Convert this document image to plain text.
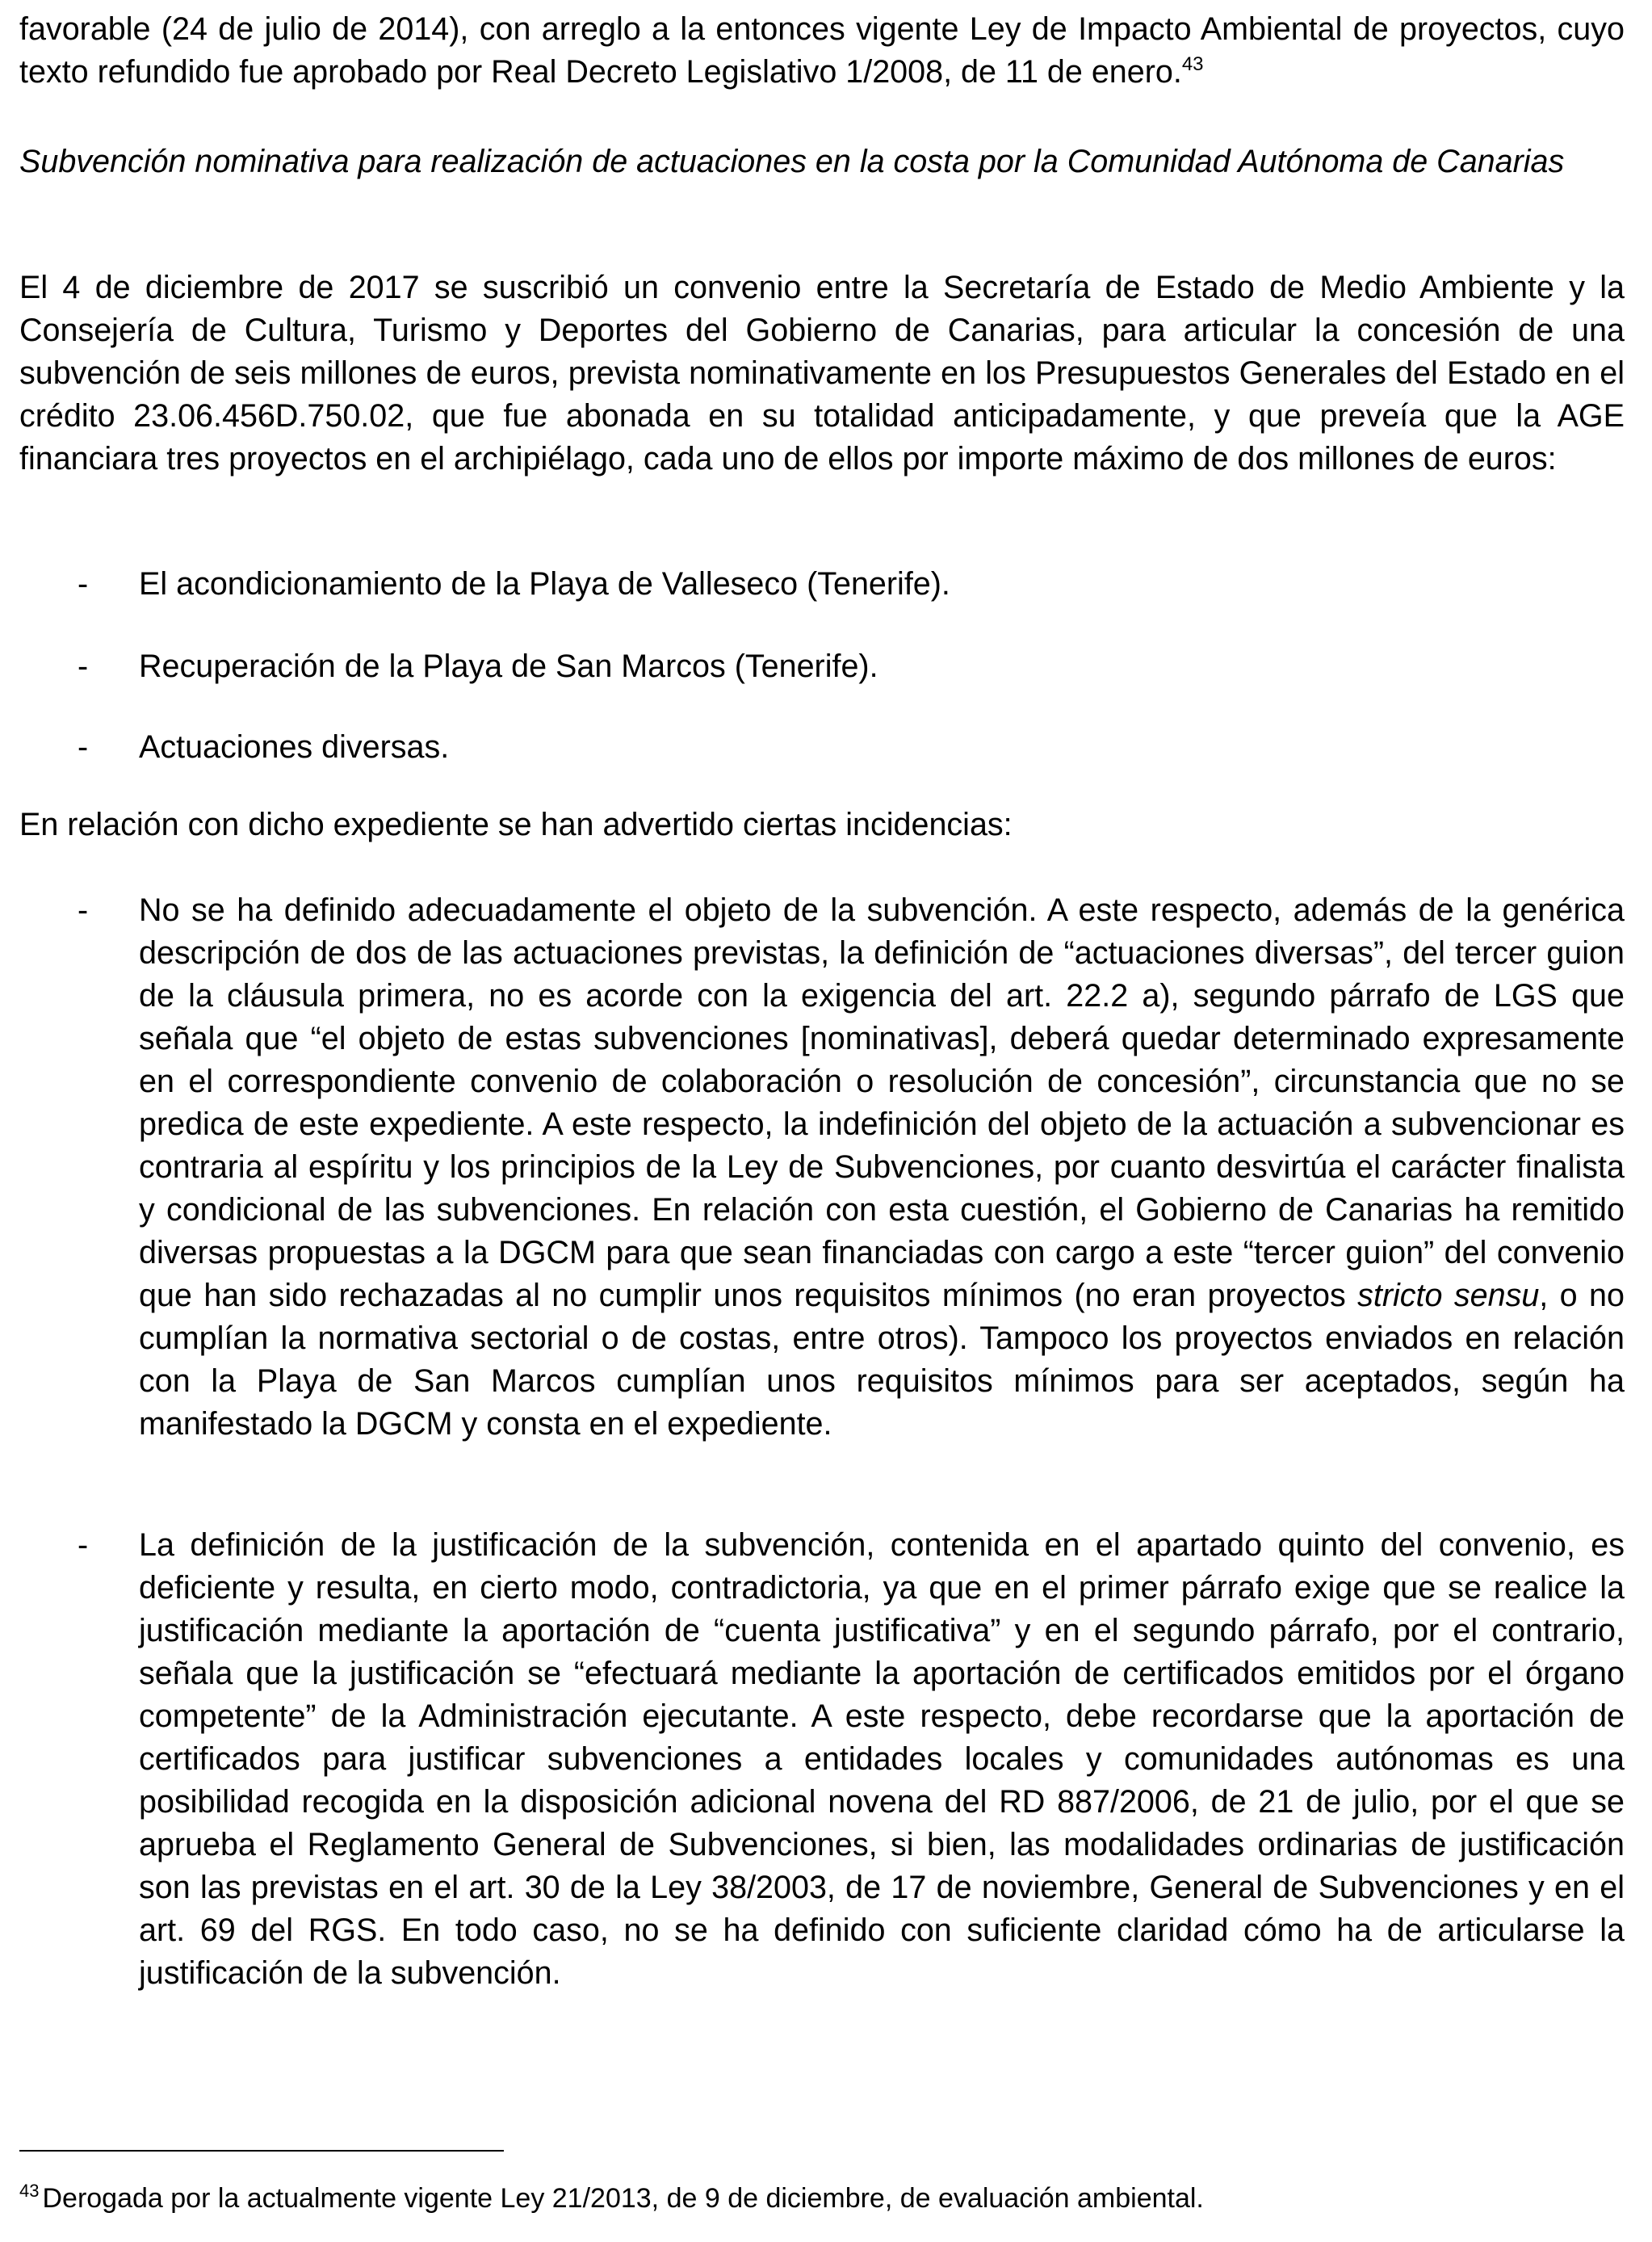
favorable (24 de julio de 2014), con arreglo a la entonces vigente Ley de Impacto Ambiental de proyectos, cuyo texto refundido fue aprobado por Real Decreto Legislativo 1/2008, de 11 de enero.$^{43}$

Subvención nominativa para realización de actuaciones en la costa por la Comunidad Autónoma de Canarias

El 4 de diciembre de 2017 se suscribió un convenio entre la Secretaría de Estado de Medio Ambiente y la Consejería de Cultura, Turismo y Deportes del Gobierno de Canarias, para articular la concesión de una subvención de seis millones de euros, prevista nominativamente en los Presupuestos Generales del Estado en el crédito 23.06.456D.750.02, que fue abonada en su totalidad anticipadamente, y que preveía que la AGE financiara tres proyectos en el archipiélago, cada uno de ellos por importe máximo de dos millones de euros:

- El acondicionamiento de la Playa de Valleseco (Tenerife).

- Recuperación de la Playa de San Marcos (Tenerife).

- Actuaciones diversas.

En relación con dicho expediente se han advertido ciertas incidencias:

- No se ha definido adecuadamente el objeto de la subvención. A este respecto, además de la genérica descripción de dos de las actuaciones previstas, la definición de “actuaciones diversas”, del tercer guion de la cláusula primera, no es acorde con la exigencia del art. 22.2 a), segundo párrafo de LGS que señala que “el objeto de estas subvenciones [nominativas], deberá quedar determinado expresamente en el correspondiente convenio de colaboración o resolución de concesión”, circunstancia que no se predica de este expediente. A este respecto, la indefinición del objeto de la actuación a subvencionar es contraria al espíritu y los principios de la Ley de Subvenciones, por cuanto desvirtúa el carácter finalista y condicional de las subvenciones. En relación con esta cuestión, el Gobierno de Canarias ha remitido diversas propuestas a la DGCM para que sean financiadas con cargo a este “tercer guion” del convenio que han sido rechazadas al no cumplir unos requisitos mínimos (no eran proyectos stricto sensu, o no cumplían la normativa sectorial o de costas, entre otros). Tampoco los proyectos enviados en relación con la Playa de San Marcos cumplían unos requisitos mínimos para ser aceptados, según ha manifestado la DGCM y consta en el expediente.

- La definición de la justificación de la subvención, contenida en el apartado quinto del convenio, es deficiente y resulta, en cierto modo, contradictoria, ya que en el primer párrafo exige que se realice la justificación mediante la aportación de “cuenta justificativa” y en el segundo párrafo, por el contrario, señala que la justificación se “efectuará mediante la aportación de certificados emitidos por el órgano competente” de la Administración ejecutante. A este respecto, debe recordarse que la aportación de certificados para justificar subvenciones a entidades locales y comunidades autónomas es una posibilidad recogida en la disposición adicional novena del RD 887/2006, de 21 de julio, por el que se aprueba el Reglamento General de Subvenciones, si bien, las modalidades ordinarias de justificación son las previstas en el art. 30 de la Ley 38/2003, de 17 de noviembre, General de Subvenciones y en el art. 69 del RGS. En todo caso, no se ha definido con suficiente claridad cómo ha de articularse la justificación de la subvención.

$^{43}$ Derogada por la actualmente vigente Ley 21/2013, de 9 de diciembre, de evaluación ambiental.
